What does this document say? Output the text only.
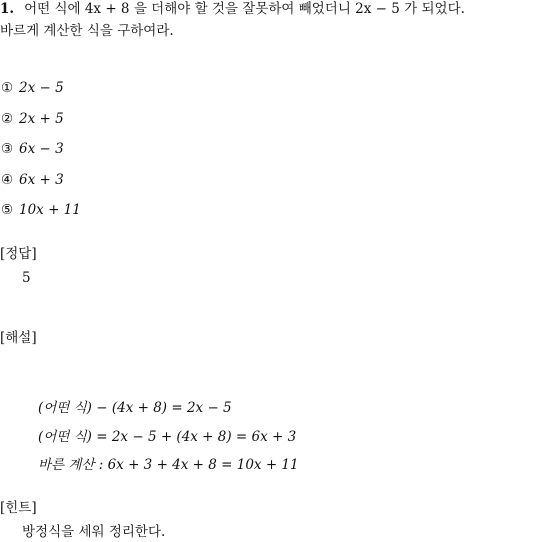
1. 어떤 식에 4x + 8 을 더해야 할 것을 잘못하여 빼었더니 2x − 5 가 되었다.
바르게 계산한 식을 구하여라.
① 2x − 5
② 2x + 5
③ 6x − 3
④ 6x + 3
⑤ 10x + 11
[정답]
5
[해설]
(어떤 식) − (4x + 8) = 2x − 5
(어떤 식) = 2x − 5 + (4x + 8) = 6x + 3
바른 계산 : 6x + 3 + 4x + 8 = 10x + 11
[힌트]
방정식을 세워 정리한다.
